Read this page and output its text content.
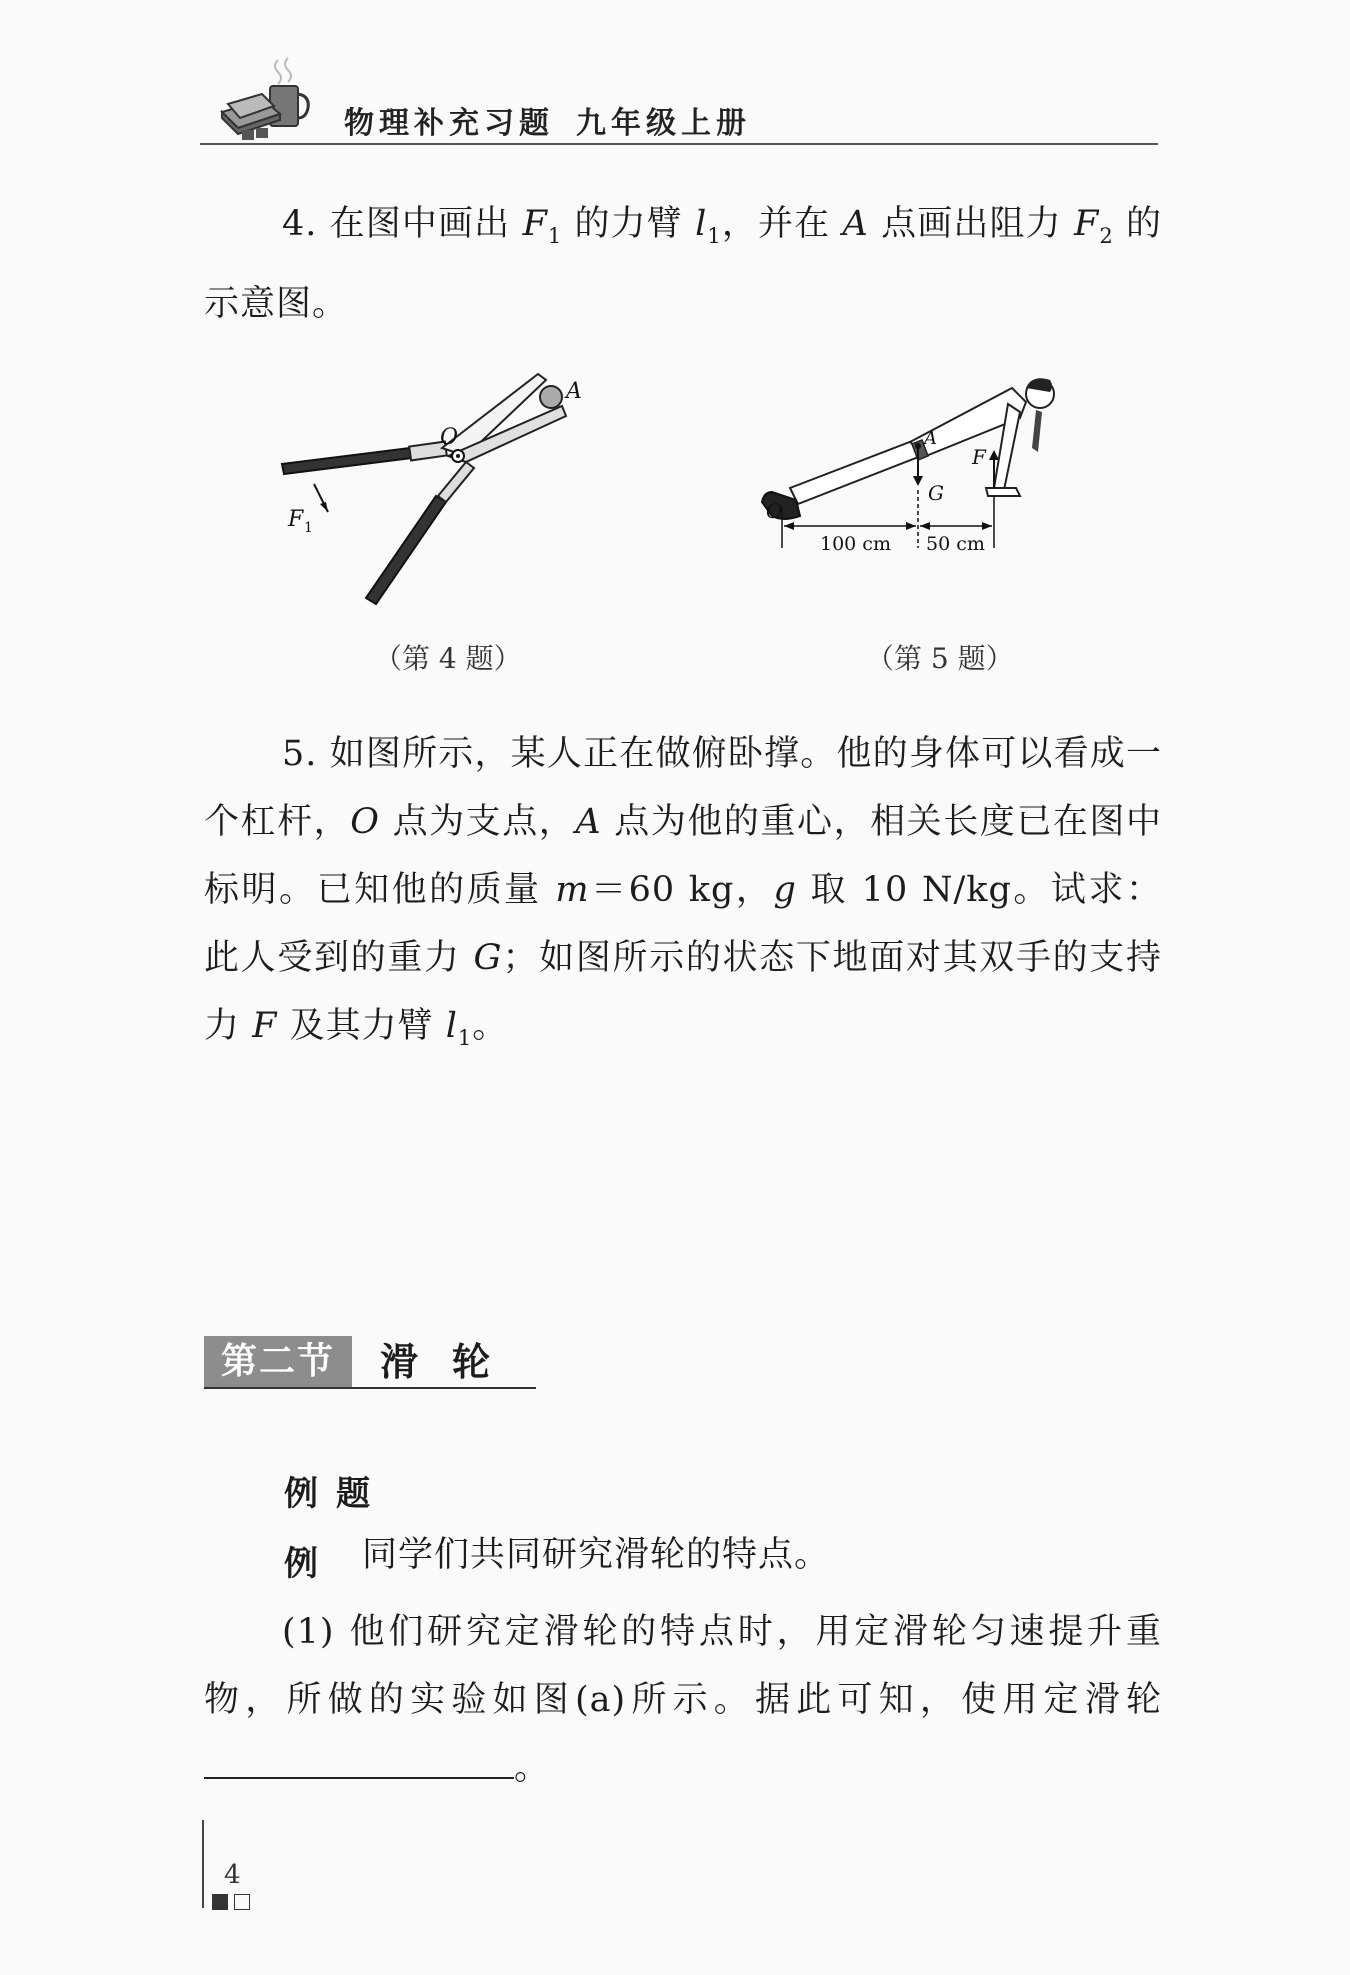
物理补充习题 九年级上册

4. 在图中画出 $F_1$ 的力臂 $l_1$，并在 A 点画出阻力 $F_2$ 的示意图。

O
A
F 1
（第 4 题）
O
A
G
F
100 cm 50 cm
（第 5 题）

5. 如图所示，某人正在做俯卧撑。他的身体可以看成一个杠杆，O 点为支点，A 点为他的重心，相关长度已在图中标明。已知他的质量 m＝60 kg，g 取 10 N/kg。试求：此人受到的重力 G；如图所示的状态下地面对其双手的支持力 F 及其力臂 $l_1$。

第二节	滑轮
例题
例 同学们共同研究滑轮的特点。

(1) 他们研究定滑轮的特点时，用定滑轮匀速提升重物，所做的实验如图(a)所示。据此可知，使用定滑轮。

4
